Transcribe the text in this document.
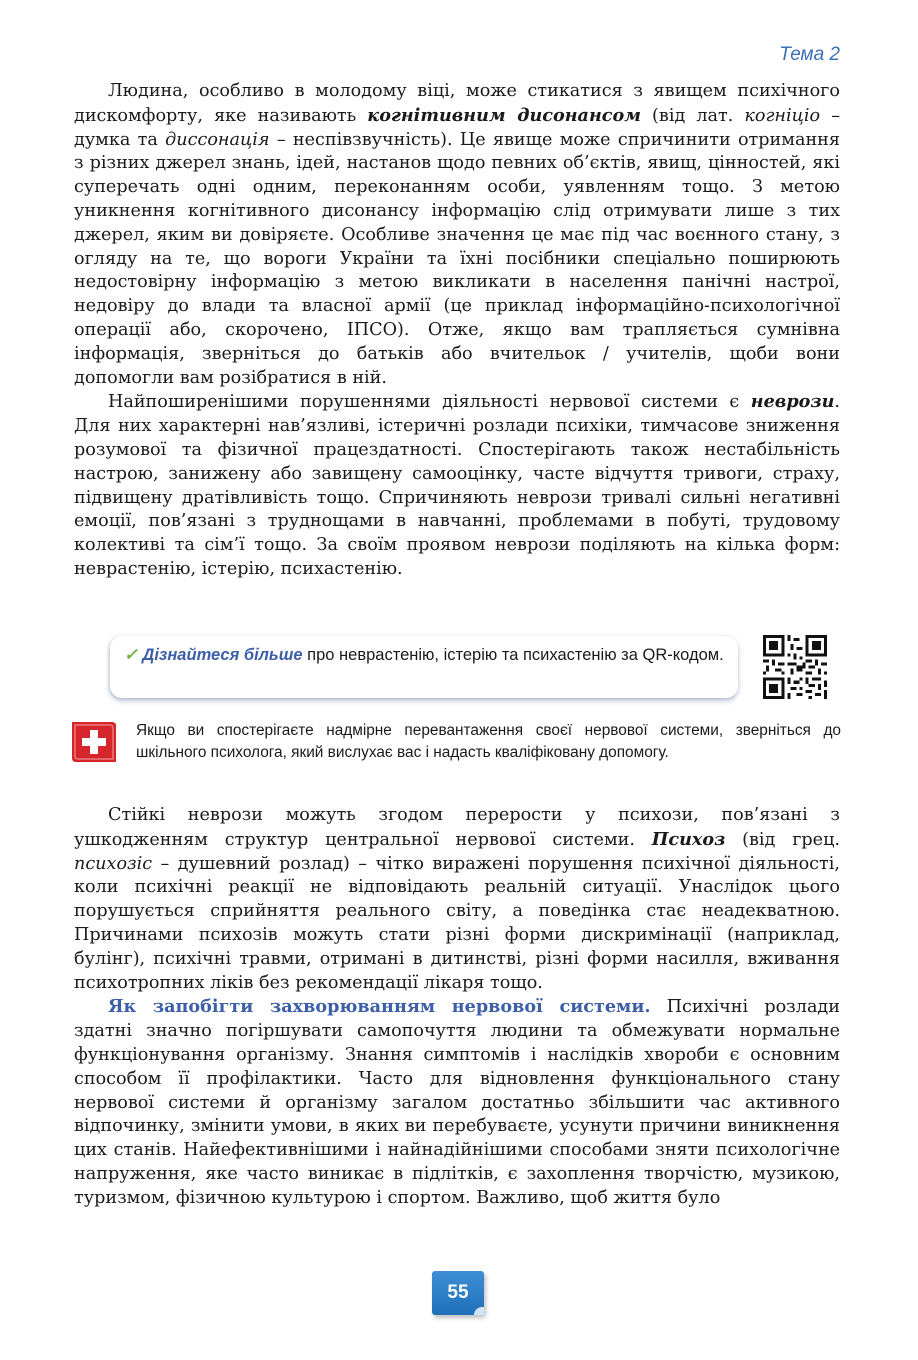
Тема 2

Людина, особливо в молодому віці, може стикатися з явищем психічного дискомфорту, яке називають когнітивним дисонансом (від лат. когніціо – думка та диссонація – неспівзвучність). Це явище може спричинити отримання з різних джерел знань, ідей, настанов щодо певних об’єктів, явищ, цінностей, які суперечать одні одним, переконанням особи, уявленням тощо. З метою уникнення когнітивного дисонансу інформацію слід отримувати лише з тих джерел, яким ви довіряєте. Особливе значення це має під час воєнного стану, з огляду на те, що вороги України та їхні посібники спеціально поширюють недостовірну інформацію з метою викликати в населення панічні настрої, недовіру до влади та власної армії (це приклад інформаційно-психологічної операції або, скорочено, ІПСО). Отже, якщо вам трапляється сумнівна інформація, зверніться до батьків або вчительок / учителів, щоби вони допомогли вам розібратися в ній.

Найпоширенішими порушеннями діяльності нервової системи є неврози. Для них характерні нав’язливі, істеричні розлади психіки, тимчасове зниження розумової та фізичної працездатності. Спостерігають також нестабільність настрою, занижену або завищену самооцінку, часте відчуття тривоги, страху, підвищену дратівливість тощо. Спричиняють неврози тривалі сильні негативні емоції, пов’язані з труднощами в навчанні, проблемами в побуті, трудовому колективі та сім’ї тощо. За своїм проявом неврози поділяють на кілька форм: неврастенію, істерію, психастенію.

✓ Дізнайтеся більше про неврастенію, істерію та психастенію за QR-кодом.
Якщо ви спостерігаєте надмірне перевантаження своєї нервової системи, зверніться до шкільного психолога, який вислухає вас і надасть кваліфіковану допомогу.

Стійкі неврози можуть згодом перерости у психози, пов’язані з ушкодженням структур центральної нервової системи. Психоз (від грец. психозіс – душевний розлад) – чітко виражені порушення психічної діяльності, коли психічні реакції не відповідають реальній ситуації. Унаслідок цього порушується сприйняття реального світу, а поведінка стає неадекватною. Причинами психозів можуть стати різні форми дискримінації (наприклад, булінг), психічні травми, отримані в дитинстві, різні форми насилля, вживання психотропних ліків без рекомендації лікаря тощо.

Як запобігти захворюванням нервової системи. Психічні розлади здатні значно погіршувати самопочуття людини та обмежувати нормальне функціонування організму. Знання симптомів і наслідків хвороби є основним способом її профілактики. Часто для відновлення функціонального стану нервової системи й організму загалом достатньо збільшити час активного відпочинку, змінити умови, в яких ви перебуваєте, усунути причини виникнення цих станів. Найефективнішими і найнадійнішими способами зняти психологічне напруження, яке часто виникає в підлітків, є захоплення творчістю, музикою, туризмом, фізичною культурою і спортом. Важливо, щоб життя було

55
